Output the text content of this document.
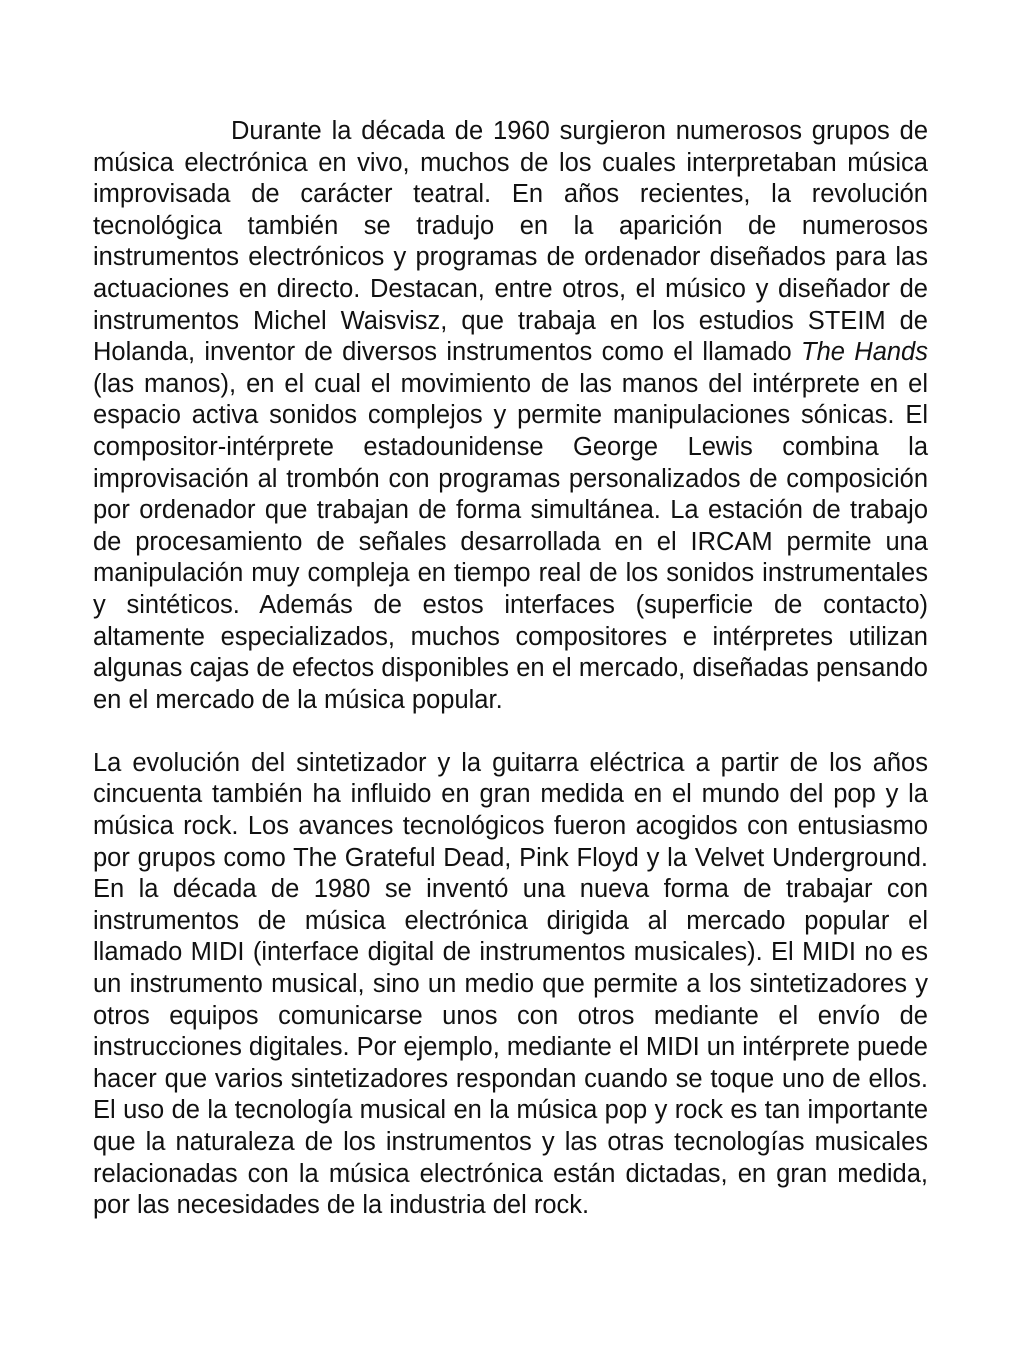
Durante la década de 1960 surgieron numerosos grupos de música electrónica en vivo, muchos de los cuales interpretaban música improvisada de carácter teatral. En años recientes, la revolución tecnológica también se tradujo en la aparición de numerosos instrumentos electrónicos y programas de ordenador diseñados para las actuaciones en directo. Destacan, entre otros, el músico y diseñador de instrumentos Michel Waisvisz, que trabaja en los estudios STEIM de Holanda, inventor de diversos instrumentos como el llamado The Hands (las manos), en el cual el movimiento de las manos del intérprete en el espacio activa sonidos complejos y permite manipulaciones sónicas. El compositor-intérprete estadounidense George Lewis combina la improvisación al trombón con programas personalizados de composición por ordenador que trabajan de forma simultánea. La estación de trabajo de procesamiento de señales desarrollada en el IRCAM permite una manipulación muy compleja en tiempo real de los sonidos instrumentales y sintéticos. Además de estos interfaces (superficie de contacto) altamente especializados, muchos compositores e intérpretes utilizan algunas cajas de efectos disponibles en el mercado, diseñadas pensando en el mercado de la música popular.

La evolución del sintetizador y la guitarra eléctrica a partir de los años cincuenta también ha influido en gran medida en el mundo del pop y la música rock. Los avances tecnológicos fueron acogidos con entusiasmo por grupos como The Grateful Dead, Pink Floyd y la Velvet Underground. En la década de 1980 se inventó una nueva forma de trabajar con instrumentos de música electrónica dirigida al mercado popular el llamado MIDI (interface digital de instrumentos musicales). El MIDI no es un instrumento musical, sino un medio que permite a los sintetizadores y otros equipos comunicarse unos con otros mediante el envío de instrucciones digitales. Por ejemplo, mediante el MIDI un intérprete puede hacer que varios sintetizadores respondan cuando se toque uno de ellos. El uso de la tecnología musical en la música pop y rock es tan importante que la naturaleza de los instrumentos y las otras tecnologías musicales relacionadas con la música electrónica están dictadas, en gran medida, por las necesidades de la industria del rock.
